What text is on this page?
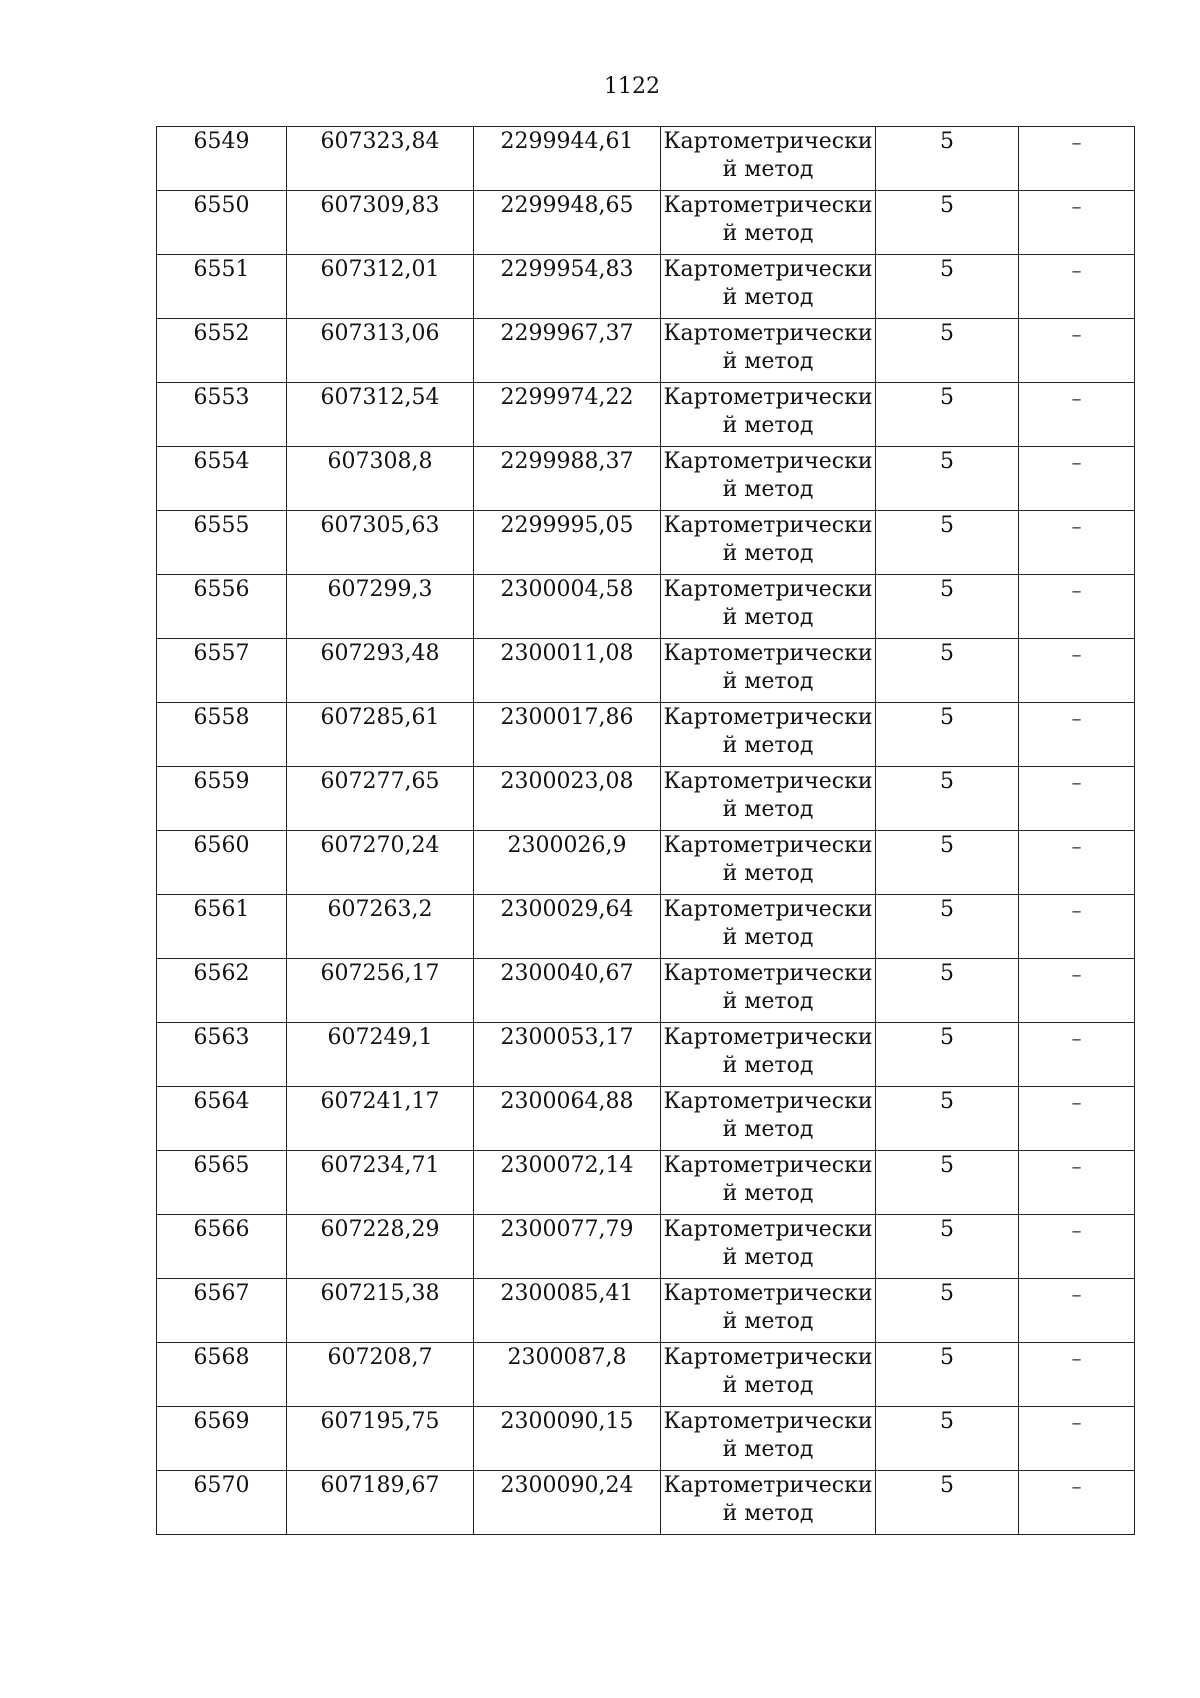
1122
6549	607323,84	2299944,61	Картометрически й метод	5	–

6550	607309,83	2299948,65	Картометрически й метод	5	–

6551	607312,01	2299954,83	Картометрически й метод	5	–

6552	607313,06	2299967,37	Картометрически й метод	5	–

6553	607312,54	2299974,22	Картометрически й метод	5	–

6554	607308,8	2299988,37	Картометрически й метод	5	–

6555	607305,63	2299995,05	Картометрически й метод	5	–

6556	607299,3	2300004,58	Картометрически й метод	5	–

6557	607293,48	2300011,08	Картометрически й метод	5	–

6558	607285,61	2300017,86	Картометрически й метод	5	–

6559	607277,65	2300023,08	Картометрически й метод	5	–

6560	607270,24	2300026,9	Картометрически й метод	5	–

6561	607263,2	2300029,64	Картометрически й метод	5	–

6562	607256,17	2300040,67	Картометрически й метод	5	–

6563	607249,1	2300053,17	Картометрически й метод	5	–

6564	607241,17	2300064,88	Картометрически й метод	5	–

6565	607234,71	2300072,14	Картометрически й метод	5	–

6566	607228,29	2300077,79	Картометрически й метод	5	–

6567	607215,38	2300085,41	Картометрически й метод	5	–

6568	607208,7	2300087,8	Картометрически й метод	5	–

6569	607195,75	2300090,15	Картометрически й метод	5	–

6570	607189,67	2300090,24	Картометрически й метод	5	–
